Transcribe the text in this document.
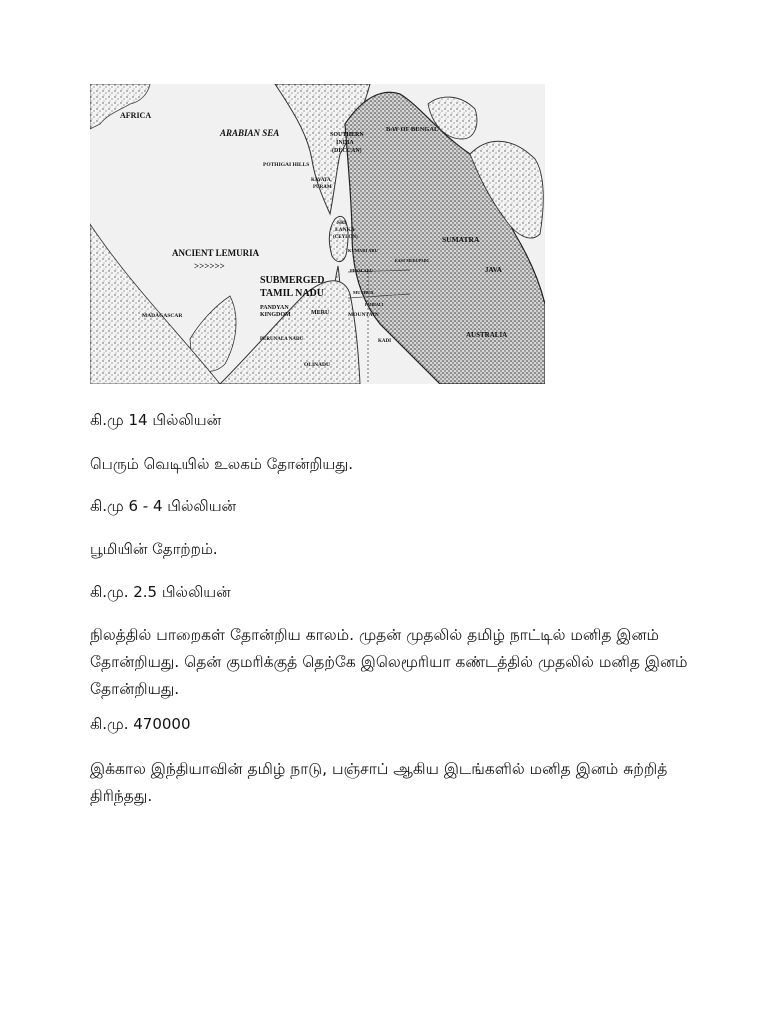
AFRICA
ARABIAN SEA	SOUTHERN
INDIA
(DECCAN)
BAY OF BENGAL
POTHIGAI HILLS
KAVATA
PURAM
SRI
LANKA
(CEYLON)
KUMARI ARU
EAST MERUPADU
PESSI ARU
SUMATRA
JAVA
ANCIENT LEMURIA
>>>>>>
SUBMERGED
TAMIL NADU
PANDYAN
KINGDOM	MERU	MOUNTAIN
MUTHUR
PAHRALI
MADAGASCAR
PERUNALA NADU
OLINADU
KADI
AUSTRALIA
கி.மு 14 பில்லியன்
பெரும் வெடியில் உலகம் தோன்றியது.
கி.மு 6 - 4 பில்லியன்
பூமியின் தோற்றம்.
கி.மு. 2.5 பில்லியன்
நிலத்தில் பாறைகள் தோன்றிய காலம். முதன் முதலில் தமிழ் நாட்டில் மனித இனம் தோன்றியது. தென் குமரிக்குத் தெற்கே இலெமூரியா கண்டத்தில் முதலில் மனித இனம் தோன்றியது.
கி.மு. 470000
இக்கால இந்தியாவின் தமிழ் நாடு, பஞ்சாப் ஆகிய இடங்களில் மனித இனம் சுற்றித் திரிந்தது.
